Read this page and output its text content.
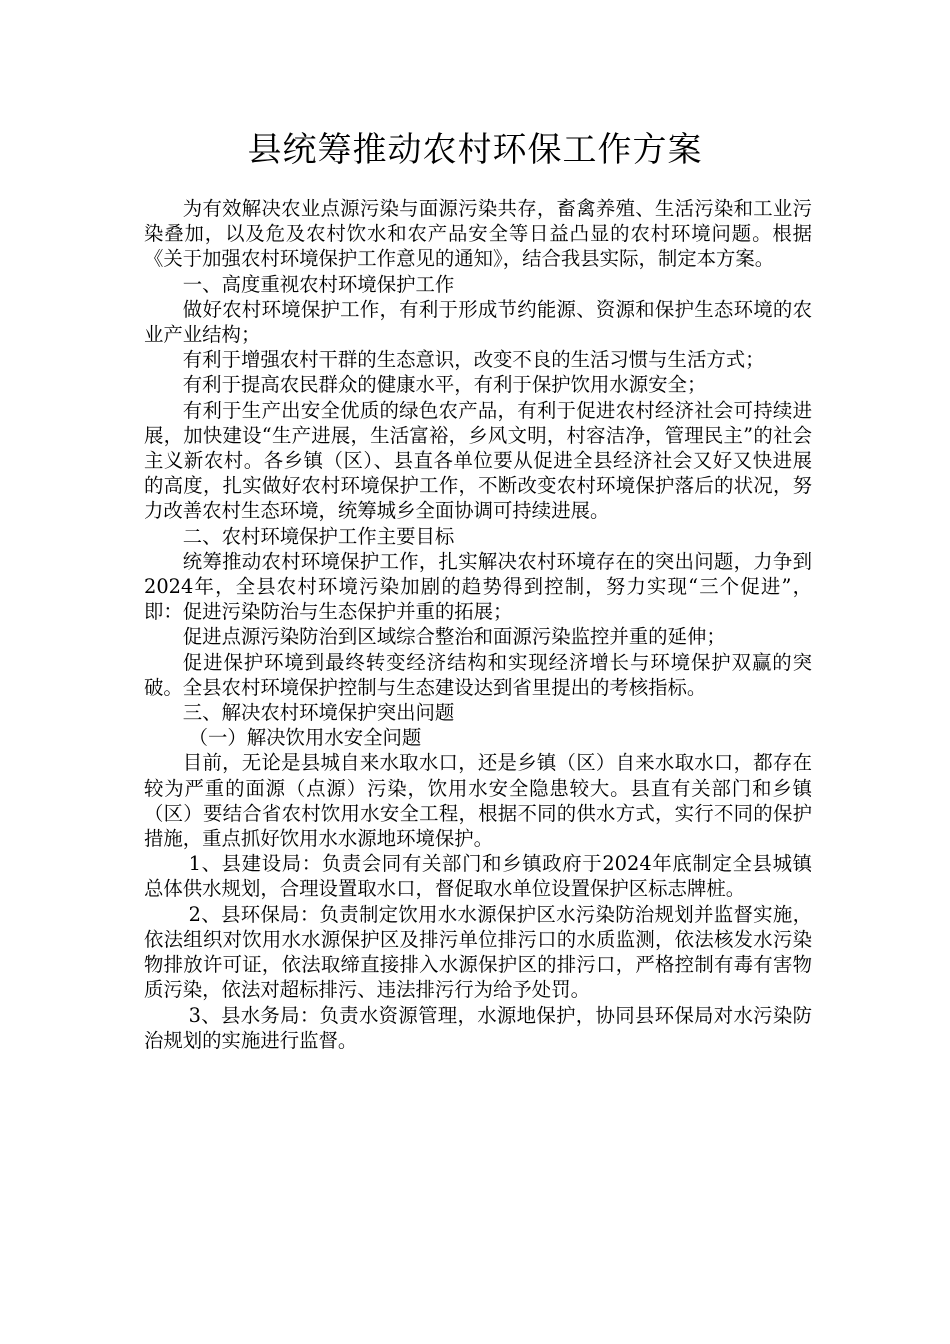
县统筹推动农村环保工作方案

为有效解决农业点源污染与面源污染共存，畜禽养殖、生活污染和工业污染叠加，以及危及农村饮水和农产品安全等日益凸显的农村环境问题。根据《关于加强农村环境保护工作意见的通知》，结合我县实际，制定本方案。

一、高度重视农村环境保护工作

做好农村环境保护工作，有利于形成节约能源、资源和保护生态环境的农业产业结构；

有利于增强农村干群的生态意识，改变不良的生活习惯与生活方式；

有利于提高农民群众的健康水平，有利于保护饮用水源安全；

有利于生产出安全优质的绿色农产品，有利于促进农村经济社会可持续进展，加快建设“生产进展，生活富裕，乡风文明，村容洁净，管理民主”的社会主义新农村。各乡镇（区）、县直各单位要从促进全县经济社会又好又快进展的高度，扎实做好农村环境保护工作，不断改变农村环境保护落后的状况，努力改善农村生态环境，统筹城乡全面协调可持续进展。

二、农村环境保护工作主要目标

统筹推动农村环境保护工作，扎实解决农村环境存在的突出问题，力争到2024年，全县农村环境污染加剧的趋势得到控制，努力实现“三个促进”，即：促进污染防治与生态保护并重的拓展；

促进点源污染防治到区域综合整治和面源污染监控并重的延伸；

促进保护环境到最终转变经济结构和实现经济增长与环境保护双赢的突破。全县农村环境保护控制与生态建设达到省里提出的考核指标。

三、解决农村环境保护突出问题

（一）解决饮用水安全问题

目前，无论是县城自来水取水口，还是乡镇（区）自来水取水口，都存在较为严重的面源（点源）污染，饮用水安全隐患较大。县直有关部门和乡镇（区）要结合省农村饮用水安全工程，根据不同的供水方式，实行不同的保护措施，重点抓好饮用水水源地环境保护。

1、县建设局：负责会同有关部门和乡镇政府于2024年底制定全县城镇总体供水规划，合理设置取水口，督促取水单位设置保护区标志牌桩。

2、县环保局：负责制定饮用水水源保护区水污染防治规划并监督实施，依法组织对饮用水水源保护区及排污单位排污口的水质监测，依法核发水污染物排放许可证，依法取缔直接排入水源保护区的排污口，严格控制有毒有害物质污染，依法对超标排污、违法排污行为给予处罚。

3、县水务局：负责水资源管理，水源地保护，协同县环保局对水污染防治规划的实施进行监督。
